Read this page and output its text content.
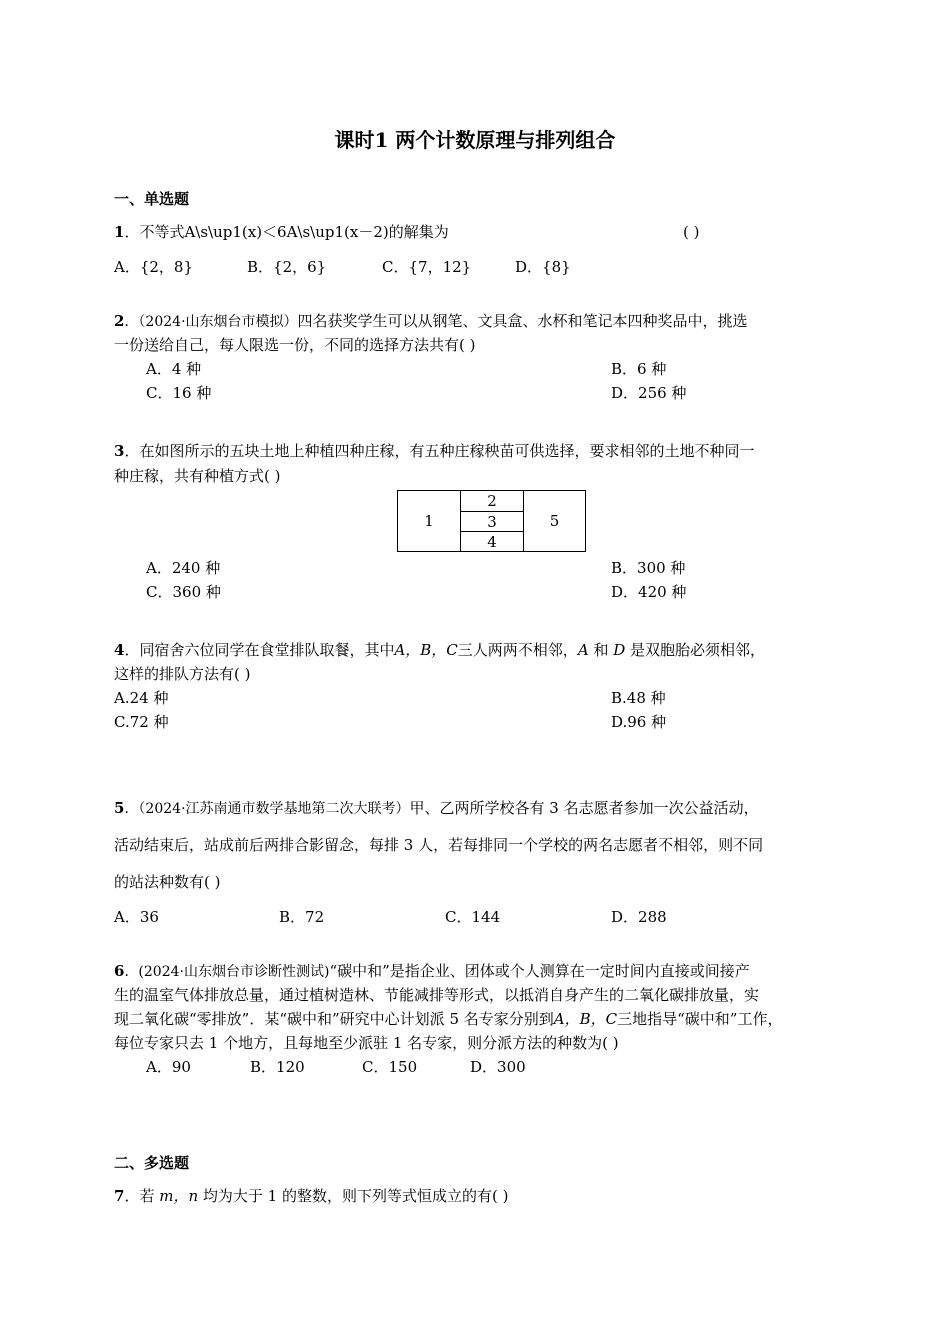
课时1 两个计数原理与排列组合
一、单选题
1．不等式A\s\up1(x)＜6A\s\up1(x－2)的解集为	( )
A．{2，8}	B．{2，6}	C．{7，12}	D．{8}
2．（2024·山东烟台市模拟）四名获奖学生可以从钢笔、文具盒、水杯和笔记本四种奖品中，挑选
一份送给自己，每人限选一份，不同的选择方法共有( )
A．4 种	B．6 种
C．16 种	D．256 种
3．在如图所示的五块土地上种植四种庄稼，有五种庄稼秧苗可供选择，要求相邻的土地不种同一
种庄稼，共有种植方式( )
1
2
3
4
5
A．240 种	B．300 种
C．360 种	D．420 种
4．同宿舍六位同学在食堂排队取餐，其中A，B，C三人两两不相邻，A 和 D 是双胞胎必须相邻，
这样的排队方法有( )
A.24 种	B.48 种
C.72 种	D.96 种
5．（2024·江苏南通市数学基地第二次大联考）甲、乙两所学校各有 3 名志愿者参加一次公益活动，
活动结束后，站成前后两排合影留念，每排 3 人，若每排同一个学校的两名志愿者不相邻，则不同
的站法种数有( )
A．36	B．72	C．144	D．288
6．(2024·山东烟台市诊断性测试)“碳中和”是指企业、团体或个人测算在一定时间内直接或间接产
生的温室气体排放总量，通过植树造林、节能减排等形式，以抵消自身产生的二氧化碳排放量，实
现二氧化碳“零排放”．某“碳中和”研究中心计划派 5 名专家分别到A，B，C三地指导“碳中和”工作，
每位专家只去 1 个地方，且每地至少派驻 1 名专家，则分派方法的种数为( )
A．90	B．120	C．150	D．300
二、多选题
7．若 m，n 均为大于 1 的整数，则下列等式恒成立的有( )
